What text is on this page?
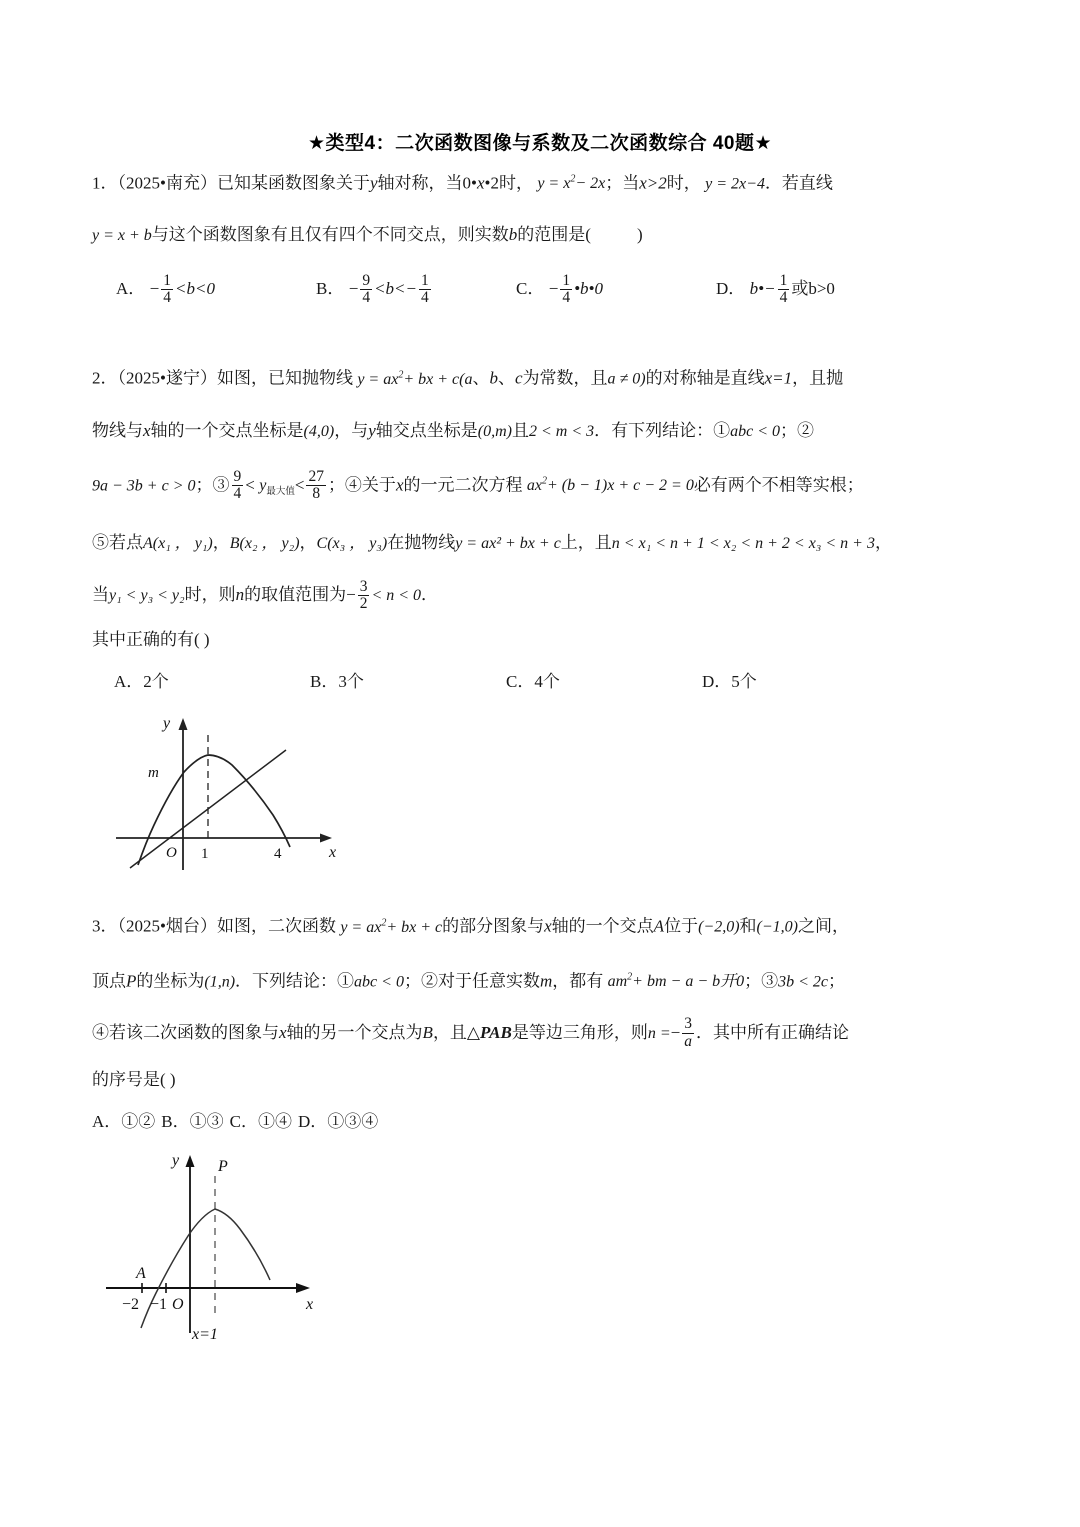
★类型4：二次函数图像与系数及二次函数综合 40题★
1．（2025•南充）已知某函数图象关于y轴对称，当0•x•2时， $y = x^2- 2x$；当x>2时， y = 2x−4．若直线
y = x + b与这个函数图象有且仅有四个不同交点，则实数b的范围是(	)
A． − $\frac{1}{4} <b<0$	B． − $\frac{9}{4} <b<- \frac{1}{4}$	C． − $\frac{1}{4}$ •b•0	D． b•− $\frac{1}{4}$ 或b>0
2．（2025•遂宁）如图，已知抛物线 $y = ax^2+$ bx + c(a、b、c为常数，且a ≠ 0)的对称轴是直线x=1，且抛
物线与x轴的一个交点坐标是(4,0)，与y轴交点坐标是(0,m)且2 < m < 3．有下列结论：①abc < 0；②
9a − 3b + c > 0；③ $\frac{9}{4} < y_{最大值}< \frac{27}{8}$ ；④关于x的一元二次方程 $ax^2+ (b - 1)x + c - 2 = 0$必有两个不相等实根；
⑤若点A(x₁ ， y₁)，B(x₂ ， y₂)，C(x₃ ， y₃)在抛物线y = ax² + bx + c上，且n < x₁ < n + 1 < x₂ < n + 2 < x₃ < n + 3，
当y₁ < y₃ < y₂时，则n的取值范围为− $\frac{3}{2} < n < 0$．
其中正确的有( )
A．2个	B．3个	C．4个	D．5个
y
x
O 1	4
m
3．（2025•烟台）如图，二次函数 $y = ax^2+$ bx + c的部分图象与x轴的一个交点A位于(−2,0)和(−1,0)之间，
顶点P的坐标为(1,n)．下列结论：①abc < 0；②对于任意实数m，都有 $am^2+$ bm − a − b开0；③3b < 2c；
④若该二次函数的图象与x轴的另一个交点为B，且△PAB是等边三角形，则$n =- \frac{3}{a}$ ．其中所有正确结论
的序号是( )
A．①② B．①③ C．①④ D．①③④
y
x
P
A
−2 −1 O
x=1
